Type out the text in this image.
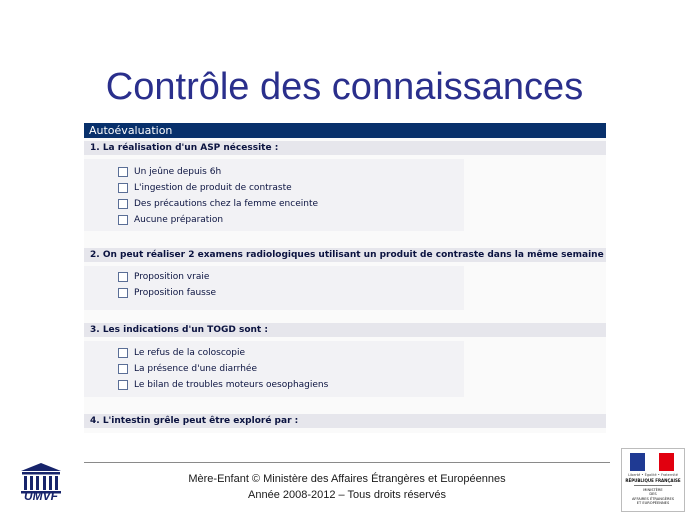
Contrôle des connaissances
Autoévaluation
1. La réalisation d'un ASP nécessite :
Un jeûne depuis 6h
L'ingestion de produit de contraste
Des précautions chez la femme enceinte
Aucune préparation
2. On peut réaliser 2 examens radiologiques utilisant un produit de contraste dans la même semaine
Proposition vraie
Proposition fausse
3. Les indications d'un TOGD sont :
Le refus de la coloscopie
La présence d'une diarrhée
Le bilan de troubles moteurs oesophagiens
4. L'intestin grêle peut être exploré par :
Mère-Enfant © Ministère des Affaires Étrangères et Européennes
Année 2008-2012 – Tous droits réservés
UMVF
Liberté • Égalité • Fraternité
RÉPUBLIQUE FRANÇAISE
MINISTÈRE
DES
AFFAIRES ÉTRANGÈRES
ET EUROPÉENNES
